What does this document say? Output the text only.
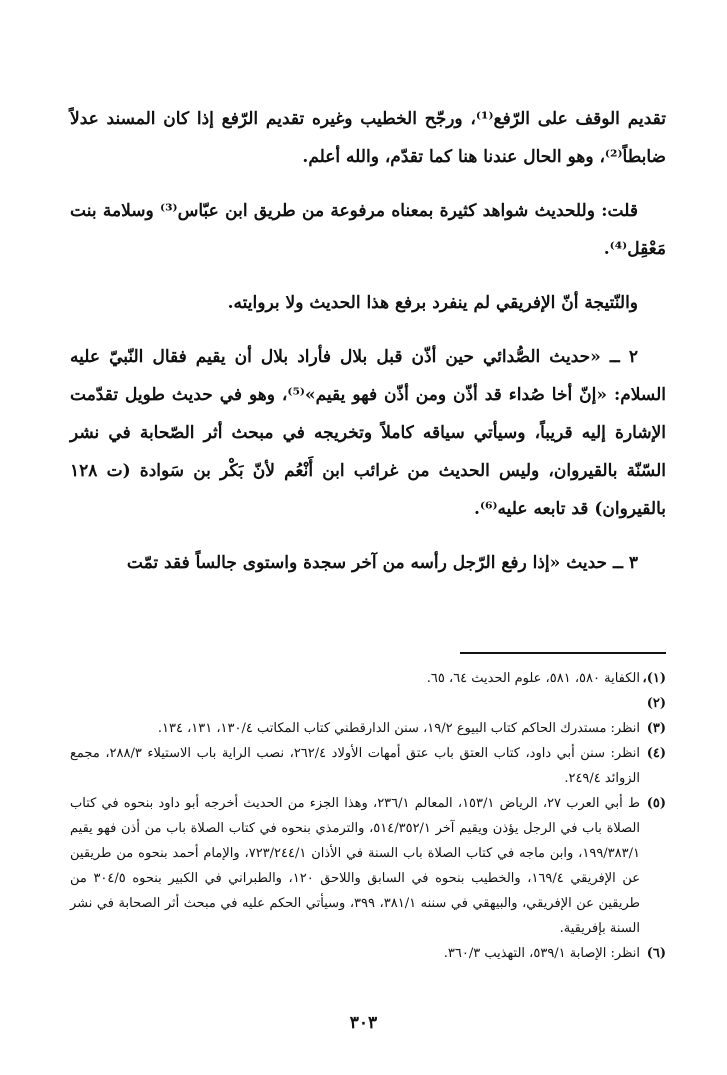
تقديم الوقف على الرّفع⁽¹⁾، ورجّح الخطيب وغيره تقديم الرّفع إذا كان المسند عدلاً ضابطاً⁽²⁾، وهو الحال عندنا هنا كما تقدّم، والله أعلم.

قلت: وللحديث شواهد كثيرة بمعناه مرفوعة من طريق ابن عبّاس⁽³⁾ وسلامة بنت مَعْقِل⁽⁴⁾.

والنّتيجة أنّ الإفريقي لم ينفرد برفع هذا الحديث ولا بروايته.

٢ ــ «حديث الصُّدائي حين أذّن قبل بلال فأراد بلال أن يقيم فقال النّبيّ عليه السلام: «إنّ أخا صُداء قد أذّن ومن أذّن فهو يقيم»⁽⁵⁾، وهو في حديث طويل تقدّمت الإشارة إليه قريباً، وسيأتي سياقه كاملاً وتخريجه في مبحث أثر الصّحابة في نشر السّنّة بالقيروان، وليس الحديث من غرائب ابن أَنْعُم لأنّ بَكْر بن سَوادة (ت ١٢٨ بالقيروان) قد تابعه عليه⁽⁶⁾.

٣ ــ حديث «إذا رفع الرّجل رأسه من آخر سجدة واستوى جالساً فقد تمّت

(١)، (٢)
الكفاية ٥٨٠، ٥٨١، علوم الحديث ٦٤، ٦٥.
(٣)
انظر: مستدرك الحاكم كتاب البيوع ١٩/٢، سنن الدارقطني كتاب المكاتب ١٣٠/٤، ١٣١، ١٣٤.
(٤)
انظر: سنن أبي داود، كتاب العتق باب عتق أمهات الأولاد ٢٦٢/٤، نصب الراية باب الاستيلاء ٢٨٨/٣، مجمع الزوائد ٢٤٩/٤.
(٥)
ط أبي العرب ٢٧، الرياض ١٥٣/١، المعالم ٢٣٦/١، وهذا الجزء من الحديث أخرجه أبو داود بنحوه في كتاب الصلاة باب في الرجل يؤذن ويقيم آخر ٥١٤/٣٥٢/١، والترمذي بنحوه في كتاب الصلاة باب من أذن فهو يقيم ١٩٩/٣٨٣/١، وابن ماجه في كتاب الصلاة باب السنة في الأذان ٧٢٣/٢٤٤/١، والإمام أحمد بنحوه من طريقين عن الإفريقي ١٦٩/٤، والخطيب بنحوه في السابق واللاحق ١٢٠، والطبراني في الكبير بنحوه ٣٠٤/٥ من طريقين عن الإفريقي، والبيهقي في سننه ٣٨١/١، ٣٩٩، وسيأتي الحكم عليه في مبحث أثر الصحابة في نشر السنة بإفريقية.
(٦)
انظر: الإصابة ٥٣٩/١، التهذيب ٣٦٠/٣.
٣٠٣
